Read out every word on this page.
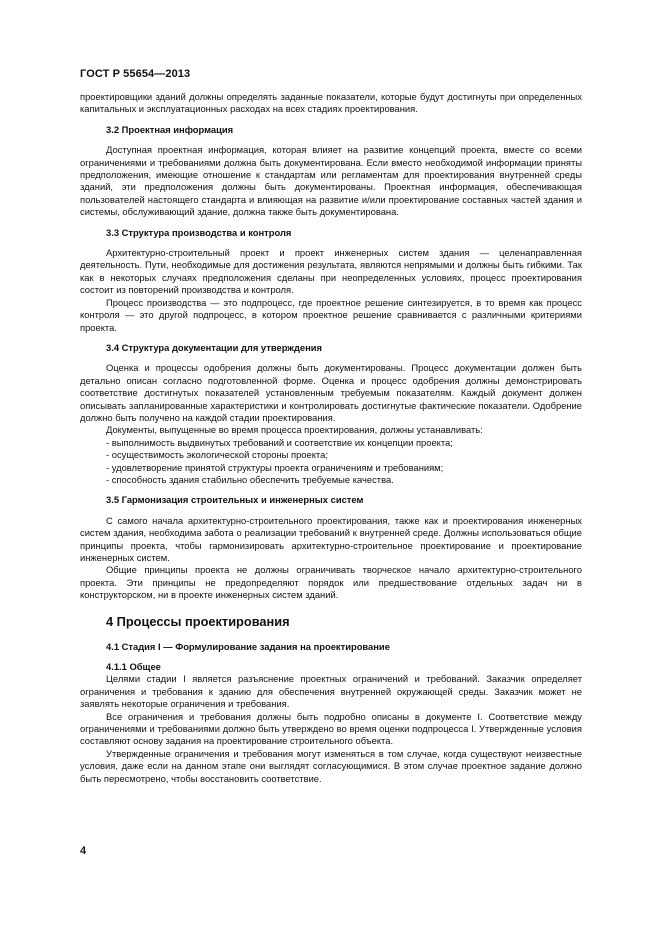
ГОСТ Р 55654—2013

проектировщики зданий должны определять заданные показатели, которые будут достигнуты при определенных капитальных и эксплуатационных расходах на всех стадиях проектирования.

3.2 Проектная информация

Доступная проектная информация, которая влияет на развитие концепций проекта, вместе со всеми ограничениями и требованиями должна быть документирована. Если вместо необходимой информации приняты предположения, имеющие отношение к стандартам или регламентам для проектирования внутренней среды зданий, эти предположения должны быть документированы. Проектная информация, обеспечивающая пользователей настоящего стандарта и влияющая на развитие и/или проектирование составных частей здания и системы, обслуживающий здание, должна также быть документирована.

3.3 Структура производства и контроля

Архитектурно-строительный проект и проект инженерных систем здания — целенаправленная деятельность. Пути, необходимые для достижения результата, являются непрямыми и должны быть гибкими. Так как в некоторых случаях предположения сделаны при неопределенных условиях, процесс проектирования состоит из повторений производства и контроля.

Процесс производства — это подпроцесс, где проектное решение синтезируется, в то время как процесс контроля — это другой подпроцесс, в котором проектное решение сравнивается с различными критериями проекта.

3.4 Структура документации для утверждения

Оценка и процессы одобрения должны быть документированы. Процесс документации должен быть детально описан согласно подготовленной форме. Оценка и процесс одобрения должны демонстрировать соответствие достигнутых показателей установленным требуемым показателям. Каждый документ должен описывать запланированные характеристики и контролировать достигнутые фактические показатели. Одобрение должно быть получено на каждой стадии проектирования.

Документы, выпущенные во время процесса проектирования, должны устанавливать:

- выполнимость выдвинутых требований и соответствие их концепции проекта;
- осуществимость экологической стороны проекта;
- удовлетворение принятой структуры проекта ограничениям и требованиям;
- способность здания стабильно обеспечить требуемые качества.
3.5 Гармонизация строительных и инженерных систем

С самого начала архитектурно-строительного проектирования, также как и проектирования инженерных систем здания, необходима забота о реализации требований к внутренней среде. Должны использоваться общие принципы проекта, чтобы гармонизировать архитектурно-строительное проектирование и проектирование инженерных систем.

Общие принципы проекта не должны ограничивать творческое начало архитектурно-строительного проекта. Эти принципы не предопределяют порядок или предшествование отдельных задач ни в конструкторском, ни в проекте инженерных систем зданий.

4 Процессы проектирования
4.1 Стадия I — Формулирование задания на проектирование
4.1.1 Общее

Целями стадии I является разъяснение проектных ограничений и требований. Заказчик определяет ограничения и требования к зданию для обеспечения внутренней окружающей среды. Заказчик может не заявлять некоторые ограничения и требования.

Все ограничения и требования должны быть подробно описаны в документе I. Соответствие между ограничениями и требованиями должно быть утверждено во время оценки подпроцесса I. Утвержденные условия составляют основу задания на проектирование строительного объекта.

Утвержденные ограничения и требования могут изменяться в том случае, когда существуют неизвестные условия, даже если на данном этапе они выглядят согласующимися. В этом случае проектное задание должно быть пересмотрено, чтобы восстановить соответствие.

4
